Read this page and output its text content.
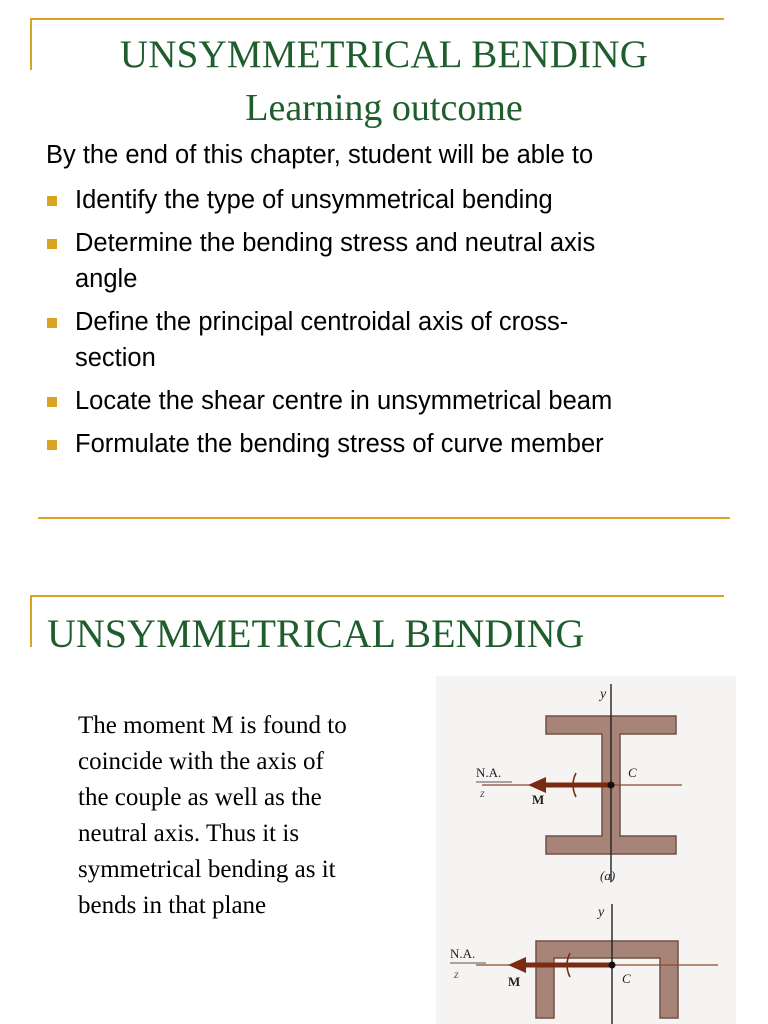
UNSYMMETRICAL BENDING
Learning outcome
By the end of this chapter, student will be able to
Identify the type of unsymmetrical bending
Determine the bending stress and neutral axis
angle
Define the principal centroidal axis of cross-
section
Locate the shear centre in unsymmetrical beam
Formulate the bending stress of curve member
UNSYMMETRICAL BENDING
The moment M is found to
coincide with the axis of
the couple as well as the
neutral axis. Thus it is
symmetrical bending as it
bends in that plane
y
N.A.
z	M
C
(a)
y
N.A.
z	M	C
